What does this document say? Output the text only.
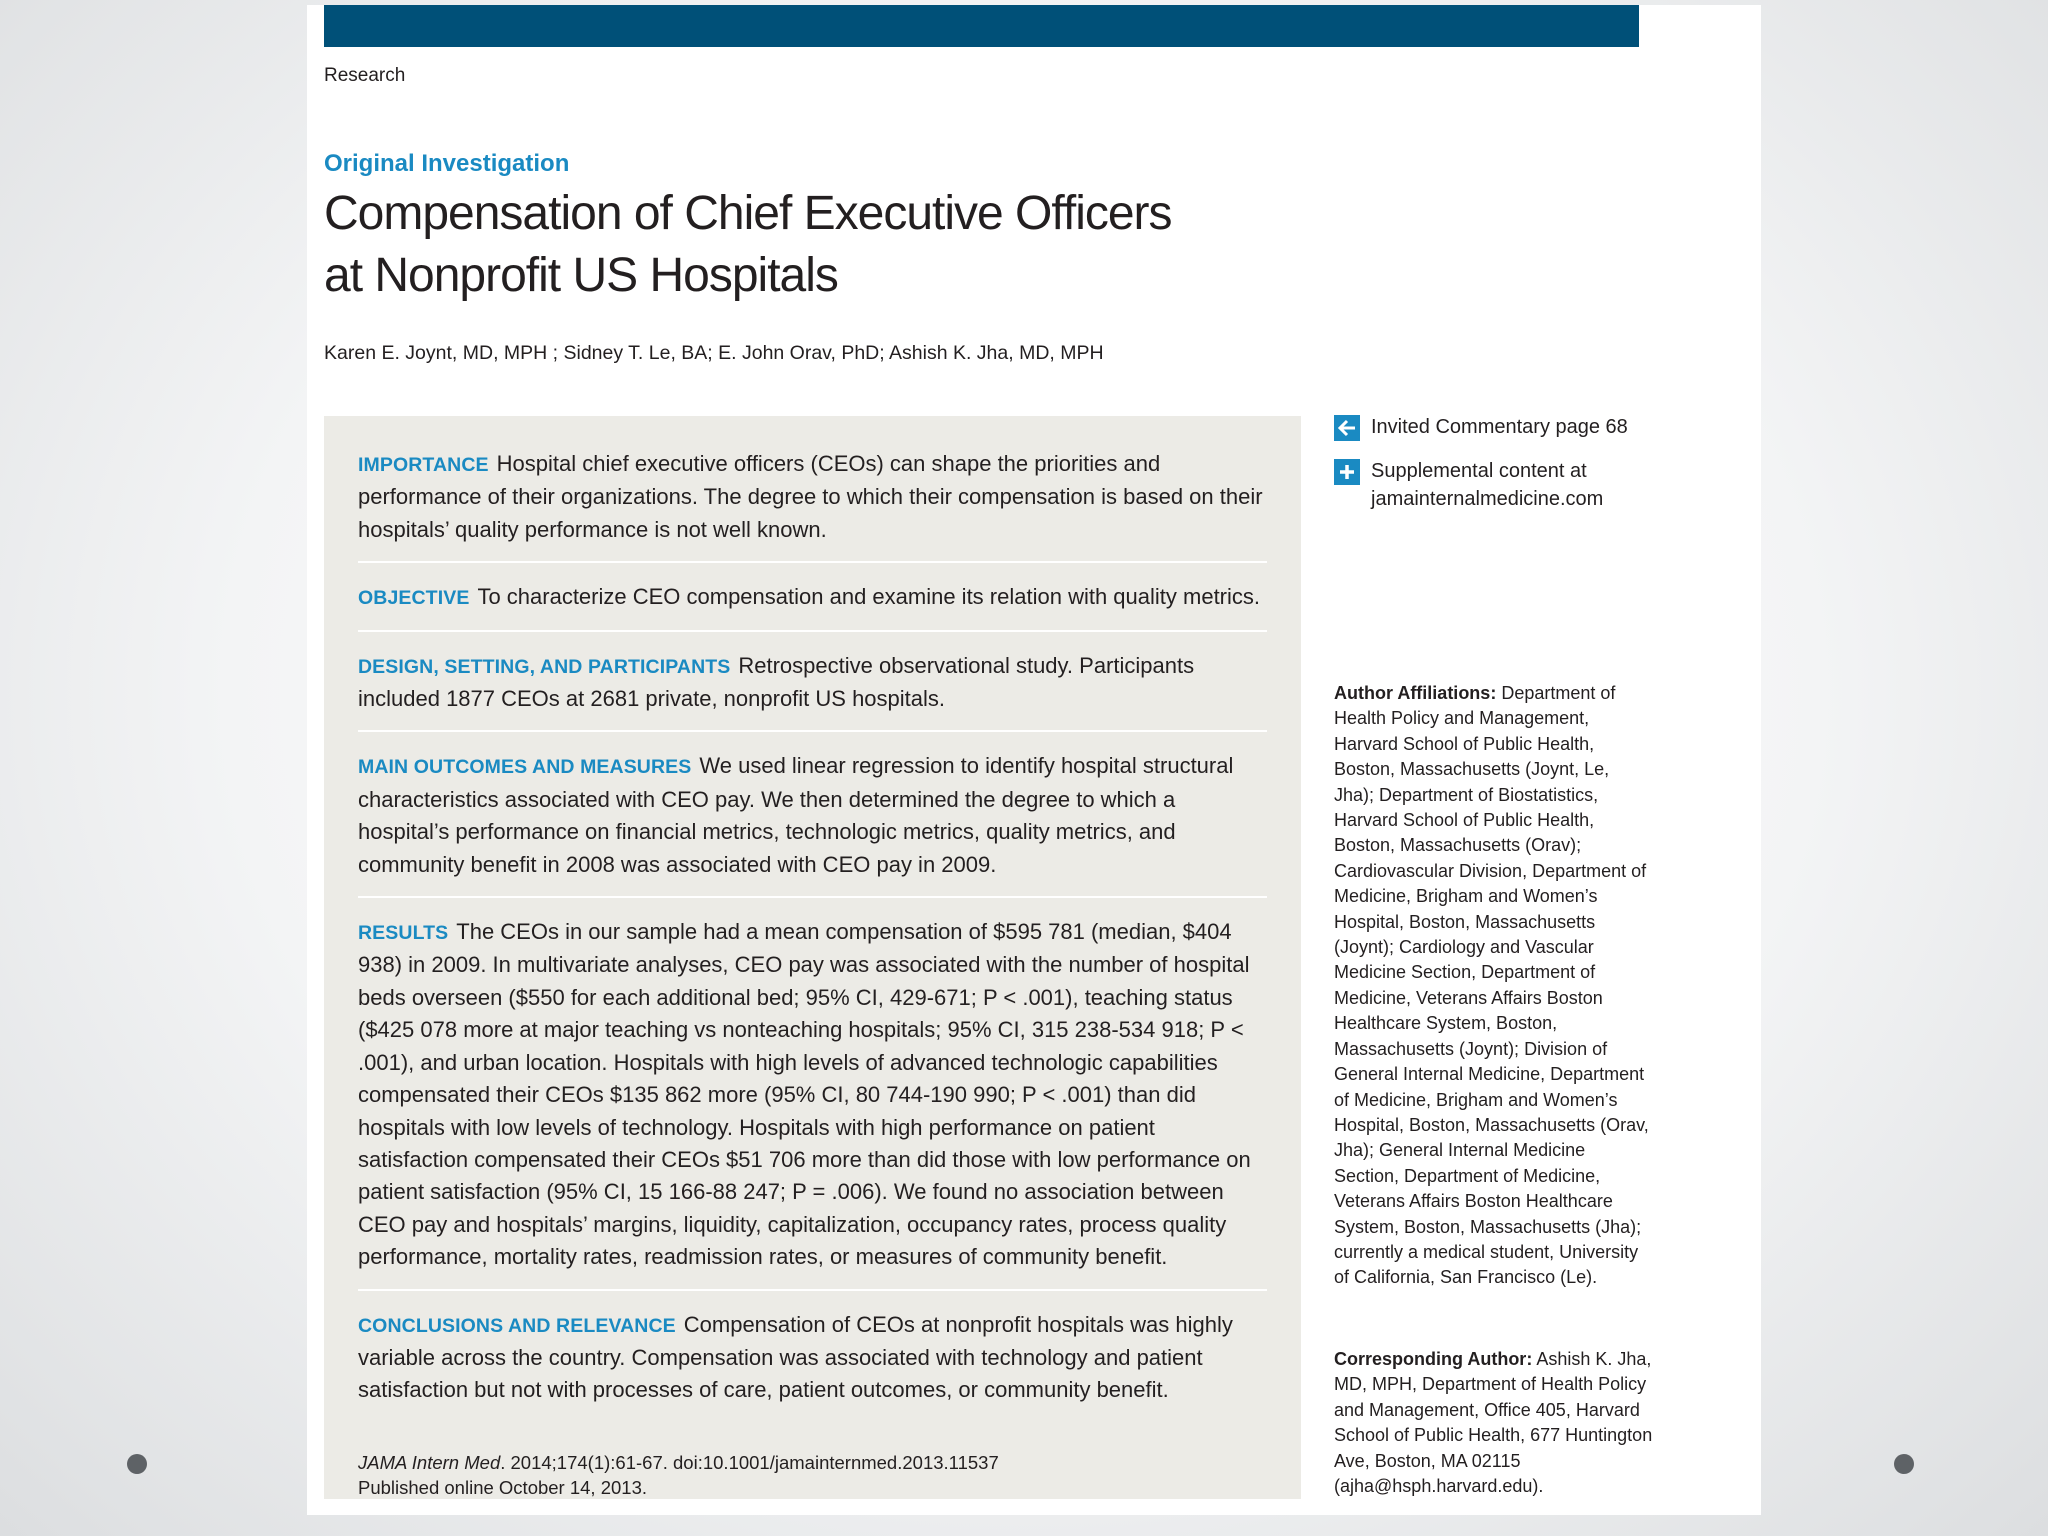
Research
Original Investigation
Compensation of Chief Executive Officers
at Nonprofit US Hospitals
Karen E. Joynt, MD, MPH ; Sidney T. Le, BA; E. John Orav, PhD; Ashish K. Jha, MD, MPH

IMPORTANCE Hospital chief executive officers (CEOs) can shape the priorities and performance of their organizations. The degree to which their compensation is based on their hospitals’ quality performance is not well known.

OBJECTIVE To characterize CEO compensation and examine its relation with quality metrics.

DESIGN, SETTING, AND PARTICIPANTS Retrospective observational study. Participants included 1877 CEOs at 2681 private, nonprofit US hospitals.

MAIN OUTCOMES AND MEASURES We used linear regression to identify hospital structural characteristics associated with CEO pay. We then determined the degree to which a hospital’s performance on financial metrics, technologic metrics, quality metrics, and community benefit in 2008 was associated with CEO pay in 2009.

RESULTS The CEOs in our sample had a mean compensation of $595 781 (median, $404 938) in 2009. In multivariate analyses, CEO pay was associated with the number of hospital beds overseen ($550 for each additional bed; 95% CI, 429-671; P < .001), teaching status ($425 078 more at major teaching vs nonteaching hospitals; 95% CI, 315 238-534 918; P < .001), and urban location. Hospitals with high levels of advanced technologic capabilities compensated their CEOs $135 862 more (95% CI, 80 744-190 990; P < .001) than did hospitals with low levels of technology. Hospitals with high performance on patient satisfaction compensated their CEOs $51 706 more than did those with low performance on patient satisfaction (95% CI, 15 166-88 247; P = .006). We found no association between CEO pay and hospitals’ margins, liquidity, capitalization, occupancy rates, process quality performance, mortality rates, readmission rates, or measures of community benefit.

CONCLUSIONS AND RELEVANCE Compensation of CEOs at nonprofit hospitals was highly variable across the country. Compensation was associated with technology and patient satisfaction but not with processes of care, patient outcomes, or community benefit.

JAMA Intern Med. 2014;174(1):61-67. doi:10.1001/jamainternmed.2013.11537
Published online October 14, 2013.
Invited Commentary page 68
Supplemental content at
jamainternalmedicine.com
Author Affiliations: Department of Health Policy and Management, Harvard School of Public Health, Boston, Massachusetts (Joynt, Le, Jha); Department of Biostatistics, Harvard School of Public Health, Boston, Massachusetts (Orav); Cardiovascular Division, Department of Medicine, Brigham and Women’s Hospital, Boston, Massachusetts (Joynt); Cardiology and Vascular Medicine Section, Department of Medicine, Veterans Affairs Boston Healthcare System, Boston, Massachusetts (Joynt); Division of General Internal Medicine, Department of Medicine, Brigham and Women’s Hospital, Boston, Massachusetts (Orav, Jha); General Internal Medicine Section, Department of Medicine, Veterans Affairs Boston Healthcare System, Boston, Massachusetts (Jha); currently a medical student, University of California, San Francisco (Le).
Corresponding Author: Ashish K. Jha, MD, MPH, Department of Health Policy and Management, Office 405, Harvard School of Public Health, 677 Huntington Ave, Boston, MA 02115 (ajha@hsph.harvard.edu).
